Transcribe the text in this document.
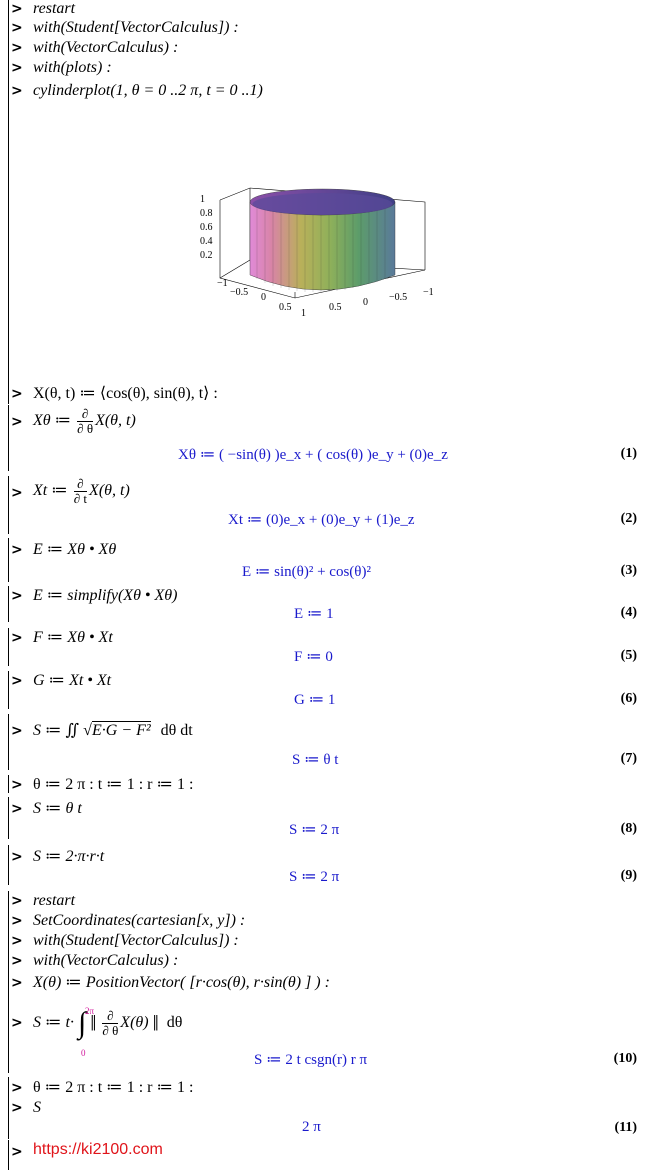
> restart
> with(Student[VectorCalculus]) :
> with(VectorCalculus) :
> with(plots) :
> cylinderplot(1, θ = 0 ..2 π, t = 0 ..1)
1
0.8
0.6
0.4
0.2
−1
−0.5 0
0.5
1
0.5 0 −0.5 −1
> X(θ, t) ≔ ⟨cos(θ), sin(θ), t⟩ :
> Xθ ≔ $\frac{\partial}{\partial \theta} X(\theta$, t)
Xθ ≔ ( −sin(θ) )e_x + ( cos(θ) )e_y + (0)e_z	(1)
> Xt ≔ $\frac{\partial}{\partial t} X(\theta$, t)
Xt ≔ (0)e_x + (0)e_y + (1)e_z	(2)
> E ≔ Xθ • Xθ
E ≔ sin(θ)² + cos(θ)²	(3)
> E ≔ simplify(Xθ • Xθ)
E ≔ 1	(4)
> F ≔ Xθ • Xt
F ≔ 0	(5)
> G ≔ Xt • Xt
G ≔ 1	(6)
> S ≔ ∬ √E·G − F² dθ dt
S ≔ θ t	(7)
> θ ≔ 2 π : t ≔ 1 : r ≔ 1 :
> S ≔ θ t
S ≔ 2 π	(8)
> S ≔ 2·π·r·t
S ≔ 2 π	(9)
> restart
> SetCoordinates(cartesian[x, y]) :
> with(Student[VectorCalculus]) :
> with(VectorCalculus) :
> X(θ) ≔ PositionVector( [r·cos(θ), r·sin(θ) ] ) :
> S ≔ t· ∫
2π
0
‖ $\frac{\partial}{\partial \theta} X(\theta)$ ‖ dθ
S ≔ 2 t csgn(r) r π	(10)
> θ ≔ 2 π : t ≔ 1 : r ≔ 1 :
> S
2 π	(11)
> https://ki2100.com
